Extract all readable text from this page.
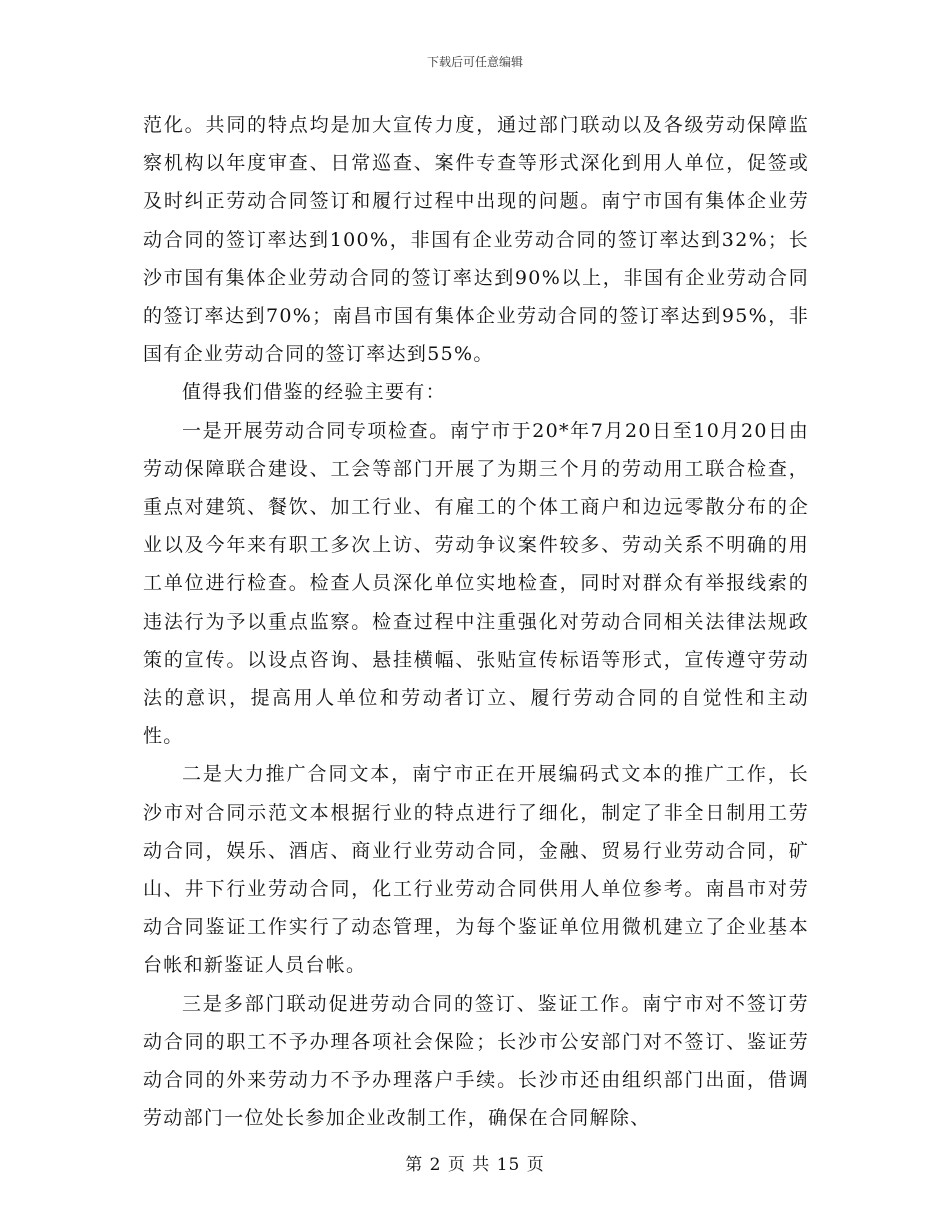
下载后可任意编辑

范化。共同的特点均是加大宣传力度，通过部门联动以及各级劳动保障监察机构以年度审查、日常巡查、案件专查等形式深化到用人单位，促签或及时纠正劳动合同签订和履行过程中出现的问题。南宁市国有集体企业劳动合同的签订率达到100%，非国有企业劳动合同的签订率达到32%；长沙市国有集体企业劳动合同的签订率达到90%以上，非国有企业劳动合同的签订率达到70%；南昌市国有集体企业劳动合同的签订率达到95%，非国有企业劳动合同的签订率达到55%。

值得我们借鉴的经验主要有：

一是开展劳动合同专项检查。南宁市于20*年7月20日至10月20日由劳动保障联合建设、工会等部门开展了为期三个月的劳动用工联合检查，重点对建筑、餐饮、加工行业、有雇工的个体工商户和边远零散分布的企业以及今年来有职工多次上访、劳动争议案件较多、劳动关系不明确的用工单位进行检查。检查人员深化单位实地检查，同时对群众有举报线索的违法行为予以重点监察。检查过程中注重强化对劳动合同相关法律法规政策的宣传。以设点咨询、悬挂横幅、张贴宣传标语等形式，宣传遵守劳动法的意识，提高用人单位和劳动者订立、履行劳动合同的自觉性和主动性。

二是大力推广合同文本，南宁市正在开展编码式文本的推广工作，长沙市对合同示范文本根据行业的特点进行了细化，制定了非全日制用工劳动合同，娱乐、酒店、商业行业劳动合同，金融、贸易行业劳动合同，矿山、井下行业劳动合同，化工行业劳动合同供用人单位参考。南昌市对劳动合同鉴证工作实行了动态管理，为每个鉴证单位用微机建立了企业基本台帐和新鉴证人员台帐。

三是多部门联动促进劳动合同的签订、鉴证工作。南宁市对不签订劳动合同的职工不予办理各项社会保险；长沙市公安部门对不签订、鉴证劳动合同的外来劳动力不予办理落户手续。长沙市还由组织部门出面，借调劳动部门一位处长参加企业改制工作，确保在合同解除、

第 2 页 共 15 页
